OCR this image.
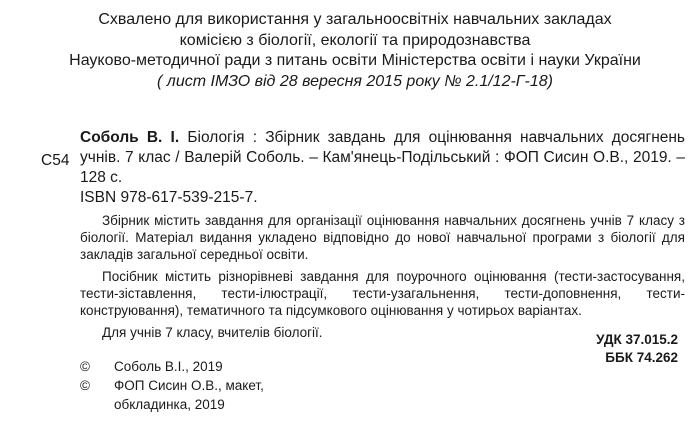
Схвалено для використання у загальноосвітніх навчальних закладах
комісією з біології, екології та природознавства
Науково-методичної ради з питань освіти Міністерства освіти і науки України
( лист ІМЗО від 28 вересня 2015 року № 2.1/12-Г-18)
С54
Соболь В. І. Біологія : Збірник завдань для оцінювання навчальних досягнень учнів. 7 клас / Валерій Соболь. – Кам'янець-Подільський : ФОП Сисин О.В., 2019. – 128 с.
ISBN 978-617-539-215-7.

Збірник містить завдання для організації оцінювання навчальних досягнень учнів 7 класу з біології. Матеріал видання укладено відповідно до нової навчальної програми з біології для закладів загальної середньої освіти.

Посібник містить різнорівневі завдання для поурочного оцінювання (тести-застосування, тести-зіставлення, тести-ілюстрації, тести-узагальнення, тести-доповнення, тести-конструювання), тематичного та підсумкового оцінювання у чотирьох варіантах.

Для учнів 7 класу, вчителів біології.	УДК 37.015.2
ББК 74.262
© Соболь В.І., 2019
© ФОП Сисин О.В., макет,
обкладинка, 2019
